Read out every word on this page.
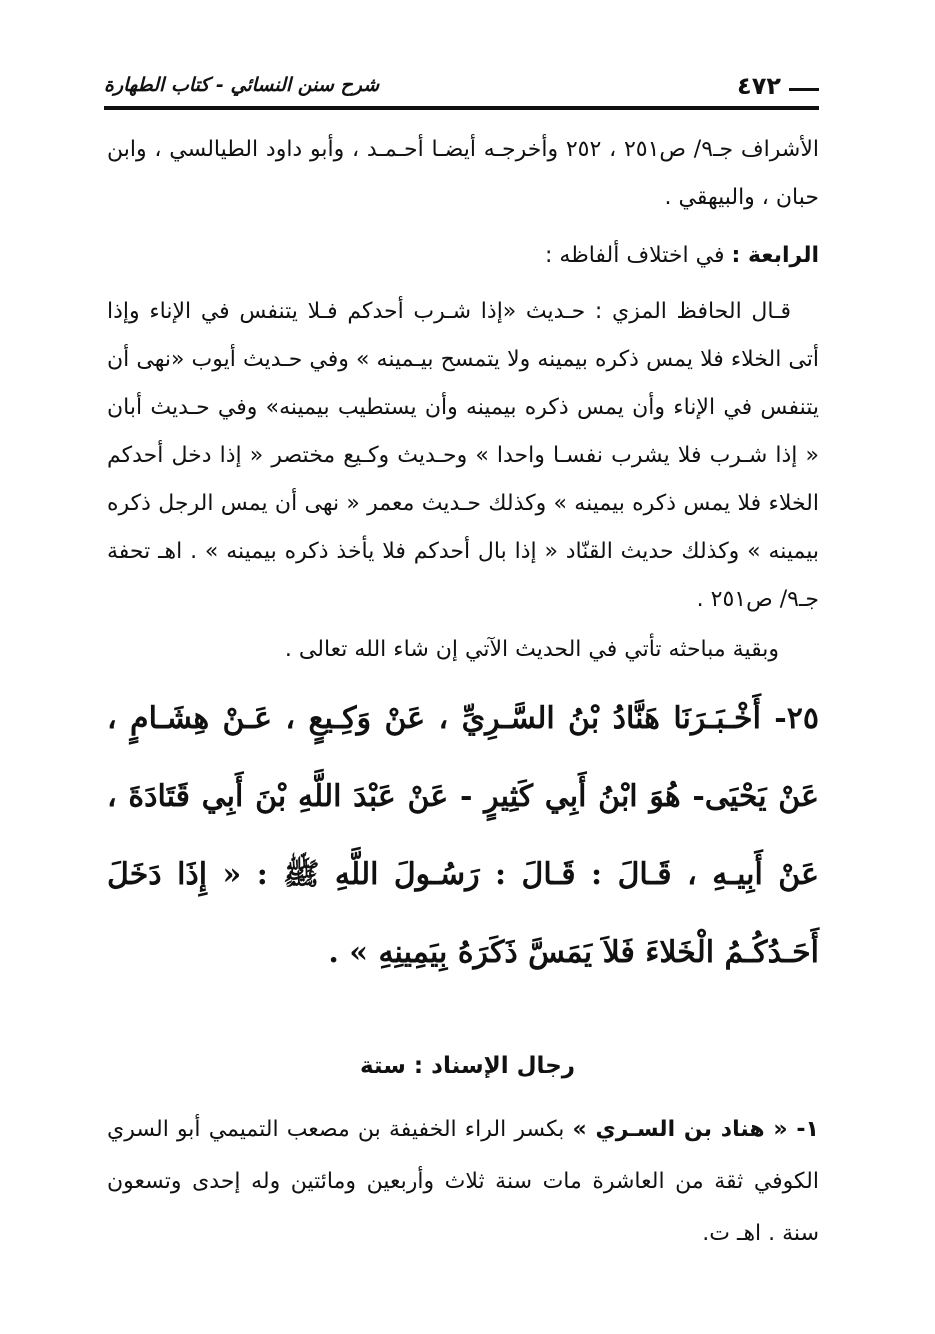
شرح سنن النسائي - كتاب الطهارة	٤٧٢
الأشراف جـ٩/ ص٢٥١ ، ٢٥٢ وأخرجـه أيضـا أحـمـد ، وأبو داود الطيالسي ، وابن حبان ، والبيهقي .
الرابعة : في اختلاف ألفاظه :
قـال الحافظ المزي : حـديث «إذا شـرب أحدكم فـلا يتنفس في الإناء وإذا أتى الخلاء فلا يمس ذكره بيمينه ولا يتمسح بيـمينه » وفي حـديث أيوب «نهى أن يتنفس في الإناء وأن يمس ذكره بيمينه وأن يستطيب بيمينه» وفي حـديث أبان « إذا شـرب فلا يشرب نفسـا واحدا » وحـديث وكـيع مختصر « إذا دخل أحدكم الخلاء فلا يمس ذكره بيمينه » وكذلك حـديث معمر « نهى أن يمس الرجل ذكره بيمينه » وكذلك حديث القنّاد « إذا بال أحدكم فلا يأخذ ذكره بيمينه » . اهـ تحفة جـ٩/ ص٢٥١ .
وبقية مباحثه تأتي في الحديث الآتي إن شاء الله تعالى .
٢٥- أَخْـبَـرَنَا هَنَّادُ بْنُ السَّـرِيِّ ، عَنْ وَكِـيعٍ ، عَـنْ هِشَـامٍ ، عَنْ يَحْيَى- هُوَ ابْنُ أَبِي كَثِيرٍ - عَنْ عَبْدَ اللَّهِ بْنَ أَبِي قَتَادَةَ ، عَنْ أَبِيـهِ ، قَـالَ : قَـالَ : رَسُـولَ اللَّهِ ﷺ : « إِذَا دَخَلَ أَحَـدُكُـمُ الْخَلاءَ فَلاَ يَمَسَّ ذَكَرَهُ بِيَمِينِهِ » .
رجال الإسناد : ستة
١- « هناد بن السـري » بكسر الراء الخفيفة بن مصعب التميمي أبو السري الكوفي ثقة من العاشرة مات سنة ثلاث وأربعين ومائتين وله إحدى وتسعون سنة . اهـ ت.
